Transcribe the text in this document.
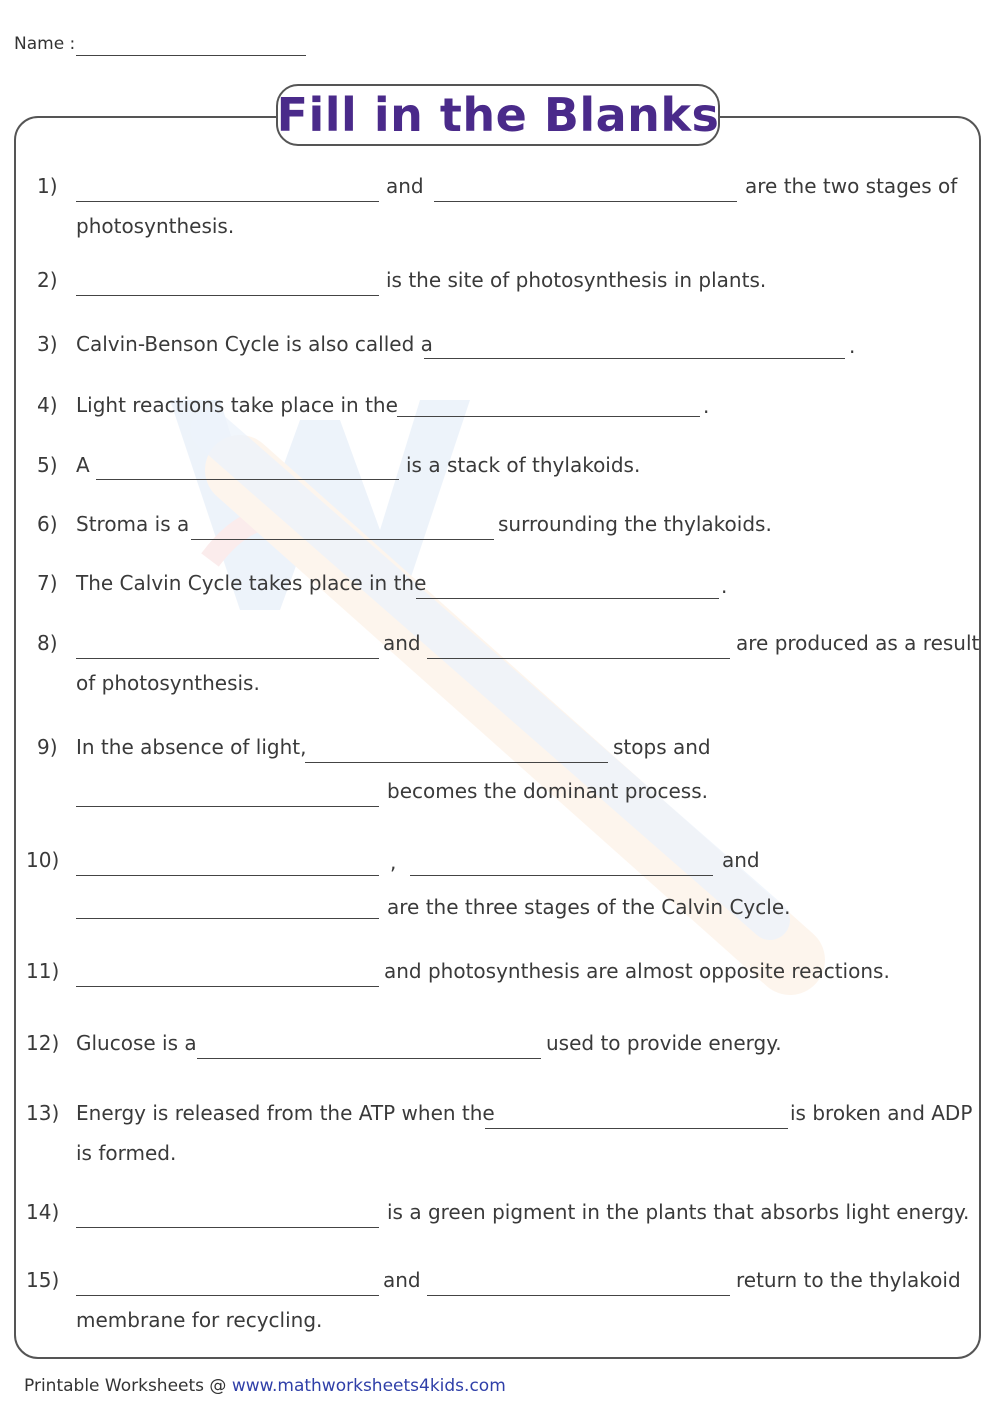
Name :
Fill in the Blanks
1)	and	are the two stages of
photosynthesis.
2)	is the site of photosynthesis in plants.
3) Calvin-Benson Cycle is also called a	.
4) Light reactions take place in the	.
5) A	is a stack of thylakoids.
6) Stroma is a	surrounding the thylakoids.
7) The Calvin Cycle takes place in the	.
8)	and	are produced as a result
of photosynthesis.
9) In the absence of light,	stops and
becomes the dominant process.
10)	,	and
are the three stages of the Calvin Cycle.
11)	and photosynthesis are almost opposite reactions.
12) Glucose is a	used to provide energy.
13) Energy is released from the ATP when the	is broken and ADP
is formed.
14)	is a green pigment in the plants that absorbs light energy.
15)	and	return to the thylakoid
membrane for recycling.
Printable Worksheets @ www.mathworksheets4kids.com
